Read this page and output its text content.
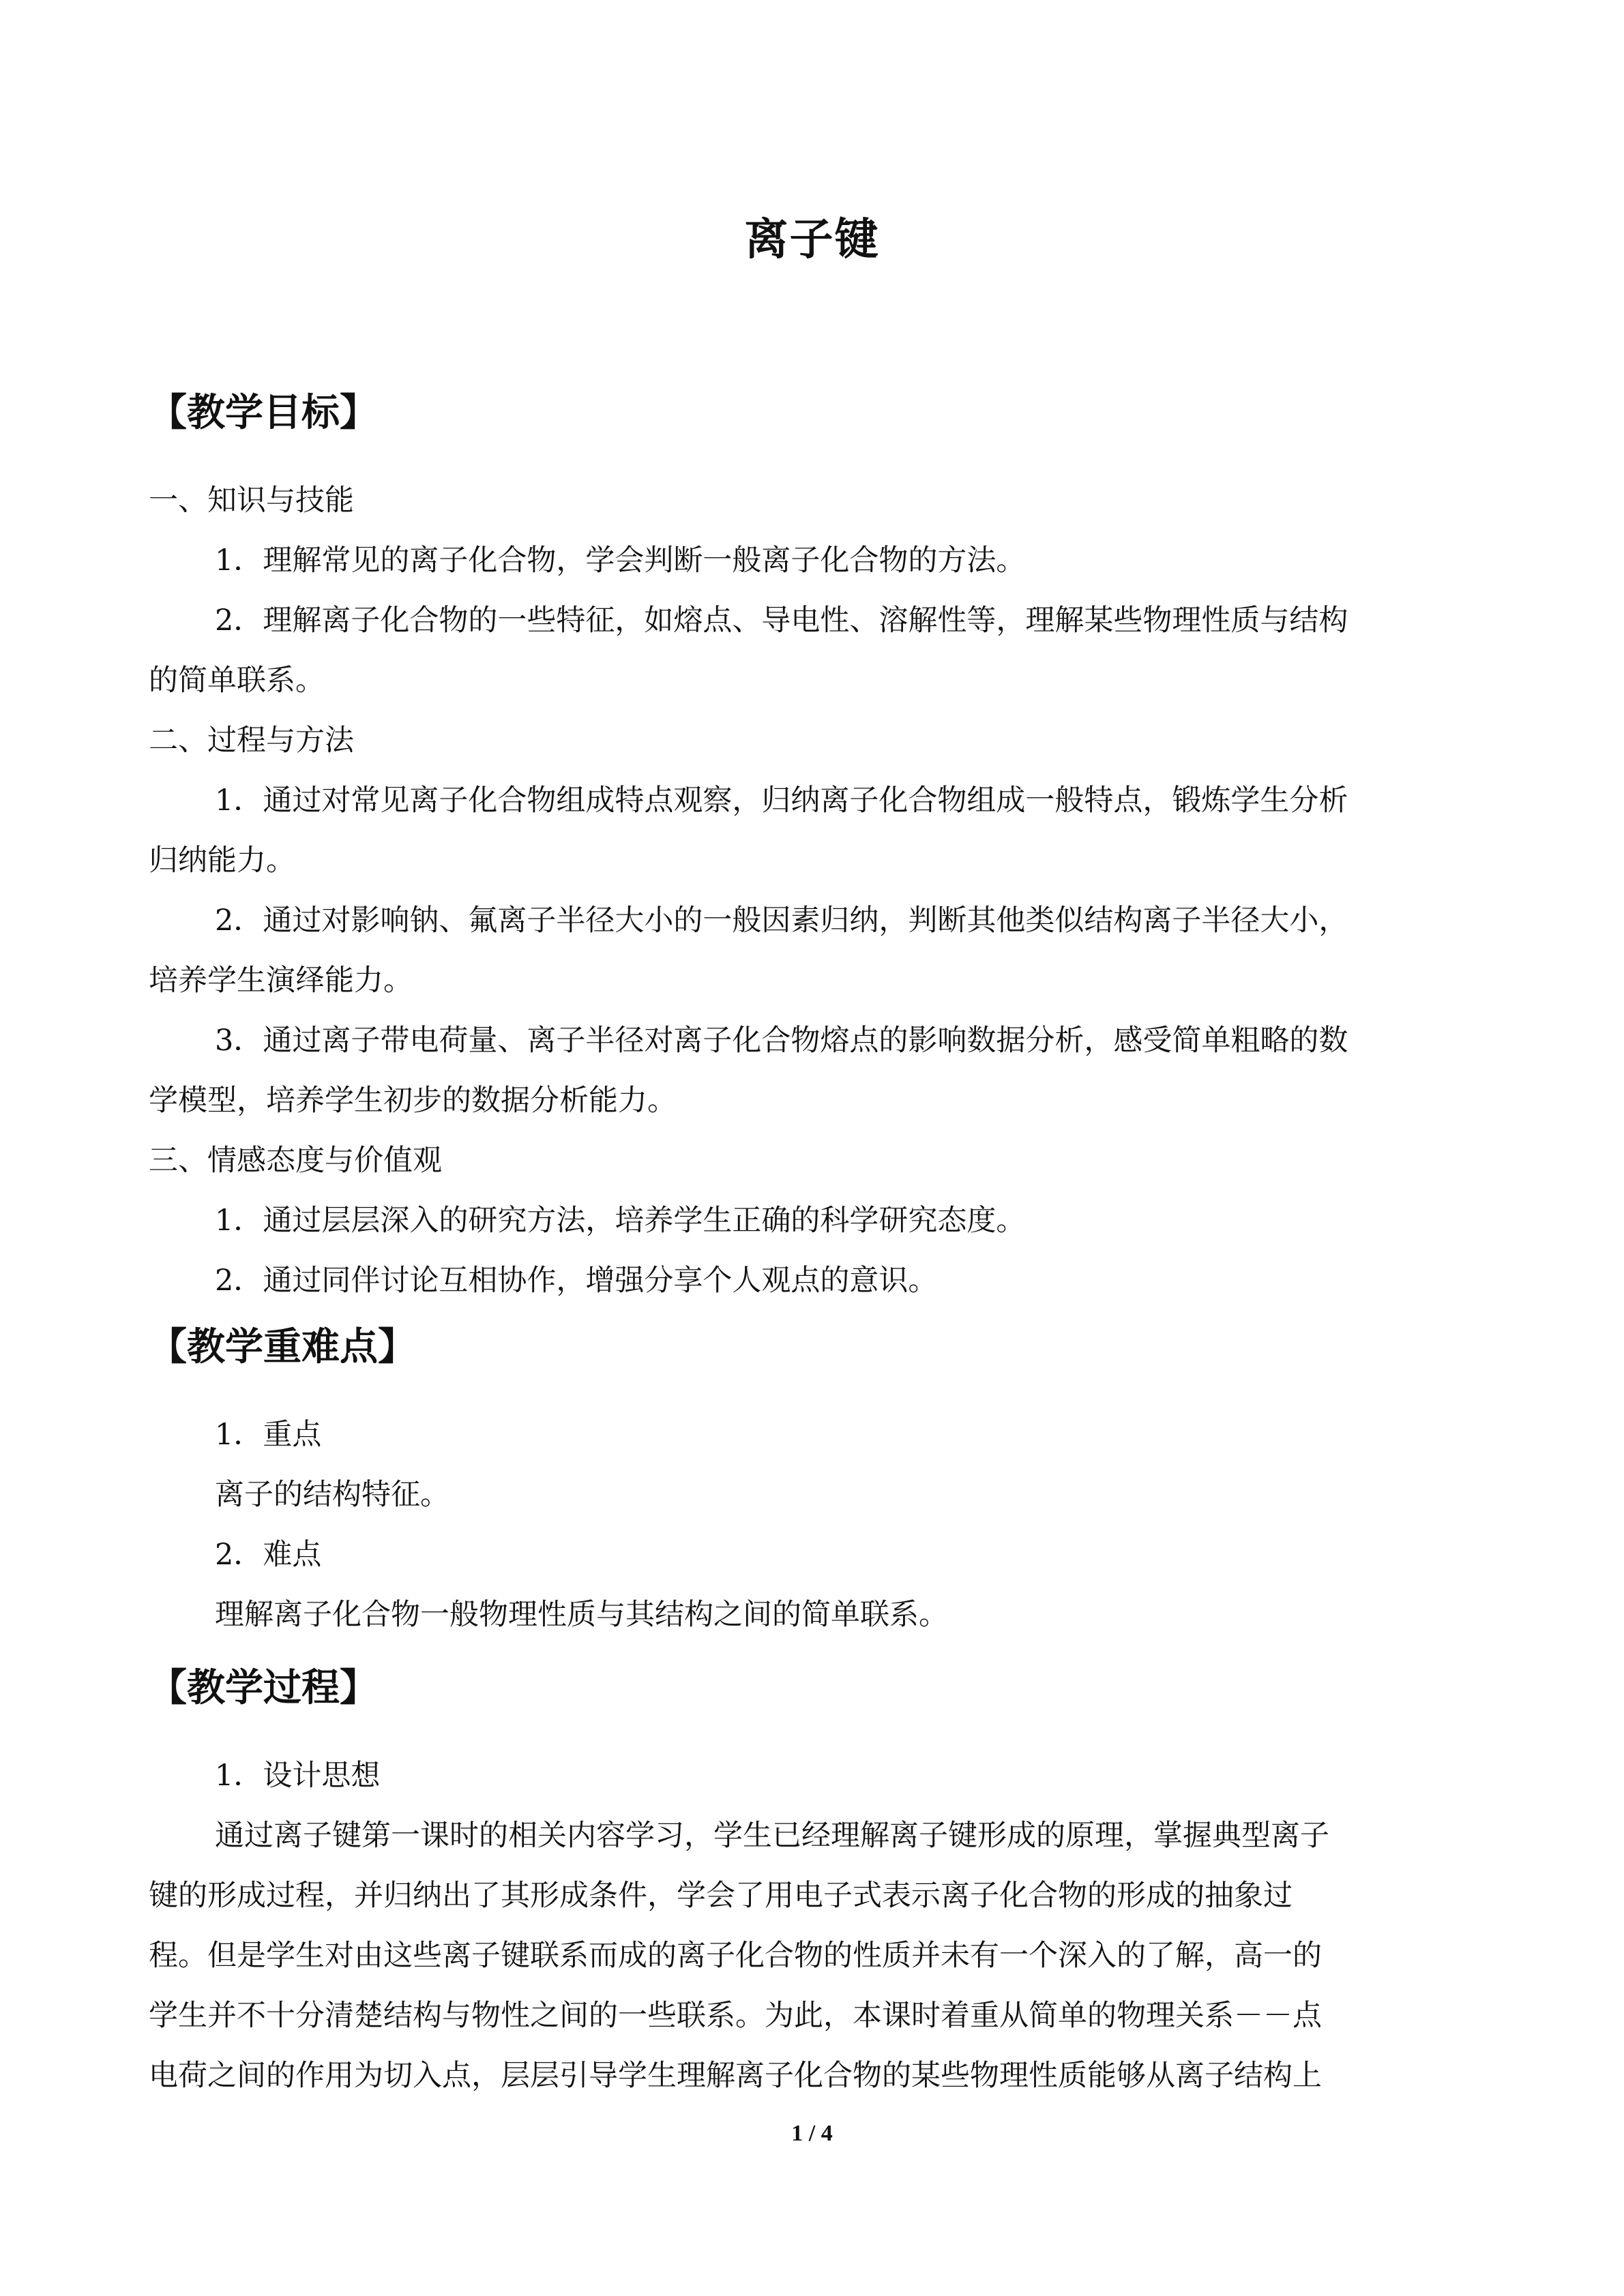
离子键
【教学目标】
一、知识与技能
1．理解常见的离子化合物，学会判断一般离子化合物的方法。
2．理解离子化合物的一些特征，如熔点、导电性、溶解性等，理解某些物理性质与结构
的简单联系。
二、过程与方法
1．通过对常见离子化合物组成特点观察，归纳离子化合物组成一般特点，锻炼学生分析
归纳能力。
2．通过对影响钠、氟离子半径大小的一般因素归纳，判断其他类似结构离子半径大小，
培养学生演绎能力。
3．通过离子带电荷量、离子半径对离子化合物熔点的影响数据分析，感受简单粗略的数
学模型，培养学生初步的数据分析能力。
三、情感态度与价值观
1．通过层层深入的研究方法，培养学生正确的科学研究态度。
2．通过同伴讨论互相协作，增强分享个人观点的意识。
【教学重难点】
1．重点
离子的结构特征。
2．难点
理解离子化合物一般物理性质与其结构之间的简单联系。
【教学过程】
1．设计思想
通过离子键第一课时的相关内容学习，学生已经理解离子键形成的原理，掌握典型离子
键的形成过程，并归纳出了其形成条件，学会了用电子式表示离子化合物的形成的抽象过
程。但是学生对由这些离子键联系而成的离子化合物的性质并未有一个深入的了解，高一的
学生并不十分清楚结构与物性之间的一些联系。为此，本课时着重从简单的物理关系－－点
电荷之间的作用为切入点，层层引导学生理解离子化合物的某些物理性质能够从离子结构上
1 / 4
